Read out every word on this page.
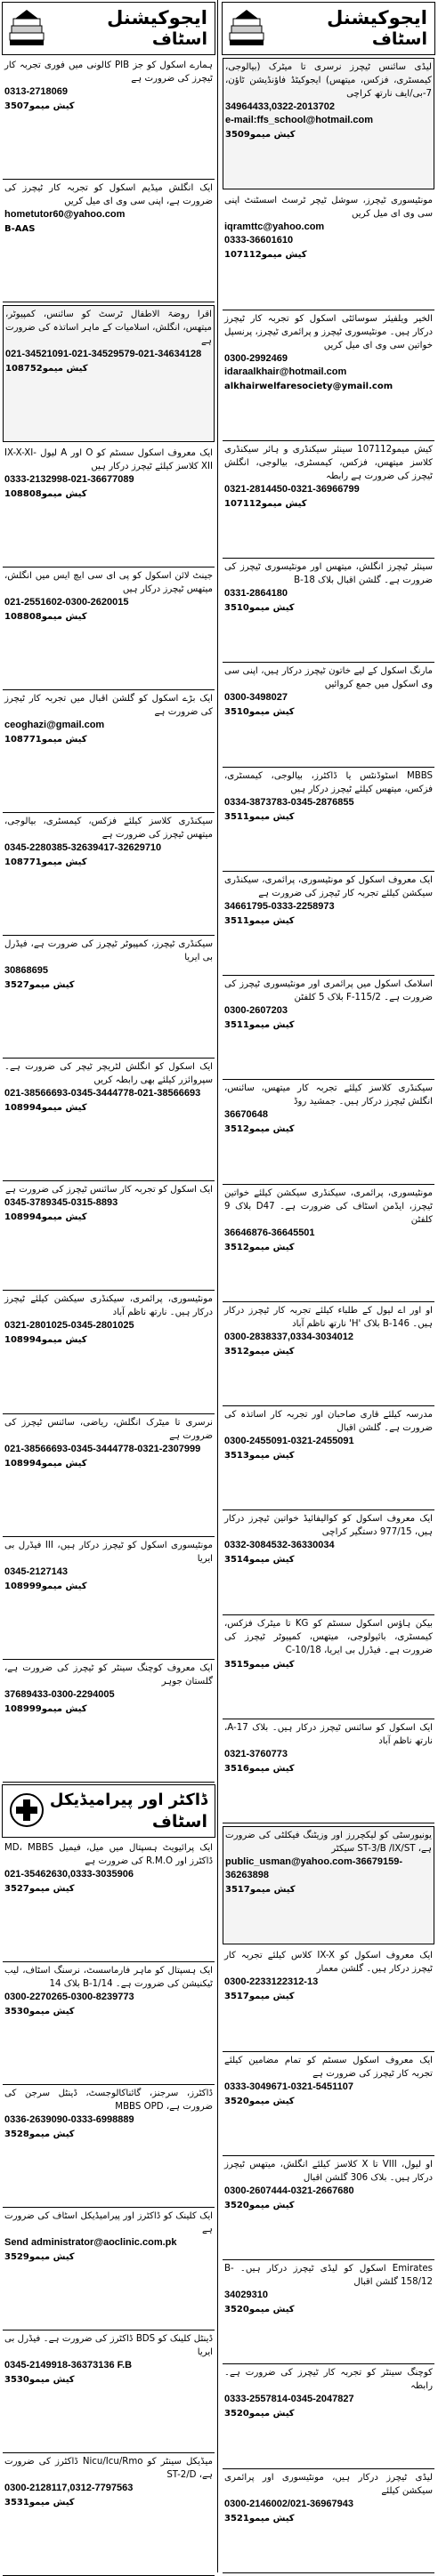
ایجوکیشنل
اسٹاف
لیڈی سائنس ٹیچرز نرسری تا میٹرک (بیالوجی، کیمسٹری، فزکس، میتھس) ایجوکیٹڈ فاؤنڈیشن ٹاؤن، 7-بی/ایف نارتھ کراچی
34964433,0322-2013702
e-mail:ffs_school@hotmail.com
کیش میمو3509
مونٹیسوری ٹیچرز، سوشل ٹیچر ٹرسٹ اسسٹنٹ اپنی سی وی ای میل کریں
iqramttc@yahoo.com
0333-36601610
کیش میمو107112
الخیر ویلفیئر سوسائٹی اسکول کو تجربہ کار ٹیچرز درکار ہیں۔ مونٹیسوری ٹیچرز و پرائمری ٹیچرز، پرنسپل خواتین سی وی ای میل کریں
0300-2992469
idaraalkhair@hotmail.com
alkhairwelfaresociety@ymail.com
کیش میمو107112 سینئر سیکنڈری و ہائر سیکنڈری کلاسز میتھس، فزکس، کیمسٹری، بیالوجی، انگلش ٹیچرز کی ضرورت ہے رابطہ
0321-2814450-0321-36966799
کیش میمو107112
سینئر ٹیچرز انگلش، میتھس اور مونٹیسوری ٹیچرز کی ضرورت ہے۔ گلشن اقبال بلاک 18-B
0331-2864180
کیش میمو3510
مارنگ اسکول کے لیے خاتون ٹیچرز درکار ہیں، اپنی سی وی اسکول میں جمع کروائیں
0300-3498027
کیش میمو3510
MBBS اسٹوڈنٹس یا ڈاکٹرز، بیالوجی، کیمسٹری، فزکس، میتھس کیلئے ٹیچرز درکار ہیں
0334-3873783-0345-2876855
کیش میمو3511
ایک معروف اسکول کو مونٹیسوری، پرائمری، سیکنڈری سیکشن کیلئے تجربہ کار ٹیچرز کی ضرورت ہے
34661795-0333-2258973
کیش میمو3511
اسلامک اسکول میں پرائمری اور مونٹیسوری ٹیچرز کی ضرورت ہے۔ F-115/2 بلاک 5 کلفٹن
0300-2607203
کیش میمو3511
سیکنڈری کلاسز کیلئے تجربہ کار میتھس، سائنس، انگلش ٹیچرز درکار ہیں۔ جمشید روڈ
36670648
کیش میمو3512
مونٹیسوری، پرائمری، سیکنڈری سیکشن کیلئے خواتین ٹیچرز، ایڈمن اسٹاف کی ضرورت ہے۔ D47 بلاک 9 کلفٹن
36646876-36645501
کیش میمو3512
او اور اے لیول کے طلباء کیلئے تجربہ کار ٹیچرز درکار ہیں۔ B-146 بلاک 'H' نارتھ ناظم آباد
0300-2838337,0334-3034012
کیش میمو3512
مدرسہ کیلئے قاری صاحبان اور تجربہ کار اساتذہ کی ضرورت ہے۔ گلشن اقبال
0300-2455091-0321-2455091
کیش میمو3513
ایک معروف اسکول کو کوالیفائیڈ خواتین ٹیچرز درکار ہیں، 977/15 دستگیر کراچی
0332-3084532-36330034
کیش میمو3514
بیکن ہاؤس اسکول سسٹم کو KG تا میٹرک فزکس، کیمسٹری، بائیولوجی، میتھس، کمپیوٹر ٹیچرز کی ضرورت ہے۔ فیڈرل بی ایریا، C-10/18
کیش میمو3515
ایک اسکول کو سائنس ٹیچرز درکار ہیں۔ بلاک A-17، نارتھ ناظم آباد
0321-3760773
کیش میمو3516
یونیورسٹی کو لیکچررز اور وزیٹنگ فیکلٹی کی ضرورت ہے، ST-3/B /IX/ST سیکٹر
public_usman@yahoo.com-36679159-36263898
کیش میمو3517
ایک معروف اسکول کو IX-X کلاس کیلئے تجربہ کار ٹیچرز درکار ہیں۔ گلشن معمار
0300-2233122312-13
کیش میمو3517
ایک معروف اسکول سسٹم کو تمام مضامین کیلئے تجربہ کار ٹیچرز کی ضرورت ہے
0333-3049671-0321-5451107
کیش میمو3520
او لیول، VIII تا X کلاسز کیلئے انگلش، میتھس ٹیچرز درکار ہیں۔ بلاک 306 گلشن اقبال
0300-2607444-0321-2667680
کیش میمو3520
Emirates اسکول کو لیڈی ٹیچرز درکار ہیں۔ B-158/12 گلشن اقبال
34029310
کیش میمو3520
کوچنگ سینٹر کو تجربہ کار ٹیچرز کی ضرورت ہے۔ رابطہ
0333-2557814-0345-2047827
کیش میمو3520
لیڈی ٹیچرز درکار ہیں، مونٹیسوری اور پرائمری سیکشن کیلئے
0300-2146002/021-36967943
کیش میمو3521
ایجوکیشنل
اسٹاف
ہمارے اسکول کو جز PIB کالونی میں فوری تجربہ کار ٹیچرز کی ضرورت ہے
0313-2718069
کیش میمو3507
ایک انگلش میڈیم اسکول کو تجربہ کار ٹیچرز کی ضرورت ہے، اپنی سی وی ای میل کریں
hometutor60@yahoo.com
B-AAS
اقرا روضۃ الاطفال ٹرسٹ کو سائنس، کمپیوٹر، میتھس، انگلش، اسلامیات کے ماہر اساتذہ کی ضرورت ہے
021-34521091-021-34529579-021-34634128
کیش میمو108752
ایک معروف اسکول سسٹم کو O اور A لیول IX-X-XI-XII کلاسز کیلئے ٹیچرز درکار ہیں
0333-2132998-021-36677089
کیش میمو108808
جینٹ لائن اسکول کو پی ای سی ایچ ایس میں انگلش، میتھس ٹیچرز درکار ہیں
021-2551602-0300-2620015
کیش میمو108808
ایک بڑے اسکول کو گلشن اقبال میں تجربہ کار ٹیچرز کی ضرورت ہے
ceoghazi@gmail.com
کیش میمو108771
سیکنڈری کلاسز کیلئے فزکس، کیمسٹری، بیالوجی، میتھس ٹیچرز کی ضرورت ہے
0345-2280385-32639417-32629710
کیش میمو108771
سیکنڈری ٹیچرز، کمپیوٹر ٹیچرز کی ضرورت ہے، فیڈرل بی ایریا
30868695
کیش میمو3527
ایک اسکول کو انگلش لٹریچر ٹیچر کی ضرورت ہے۔ سپروائزر کیلئے بھی رابطہ کریں
021-38566693-0345-3444778-021-38566693
کیش میمو108994
ایک اسکول کو تجربہ کار سائنس ٹیچرز کی ضرورت ہے
0345-3789345-0315-8893
کیش میمو108994
مونٹیسوری، پرائمری، سیکنڈری سیکشن کیلئے ٹیچرز درکار ہیں۔ نارتھ ناظم آباد
0321-2801025-0345-2801025
کیش میمو108994
نرسری تا میٹرک انگلش، ریاضی، سائنس ٹیچرز کی ضرورت ہے
021-38566693-0345-3444778-0321-2307999
کیش میمو108994
مونٹیسوری اسکول کو ٹیچرز درکار ہیں، III فیڈرل بی ایریا
0345-2127143
کیش میمو108999
ایک معروف کوچنگ سینٹر کو ٹیچرز کی ضرورت ہے، گلستان جوہر
37689433-0300-2294005
کیش میمو108999
ڈاکٹر اور پیرامیڈیکل
اسٹاف
ایک پرائیویٹ ہسپتال میں میل، فیمیل MD، MBBS ڈاکٹرز اور R.M.O کی ضرورت ہے
021-35462630,0333-3035906
کیش میمو3527
ایک ہسپتال کو ماہر فارماسسٹ، نرسنگ اسٹاف، لیب ٹیکنیشن کی ضرورت ہے۔ B-1/14 بلاک 14
0300-2270265-0300-8239773
کیش میمو3530
ڈاکٹرز، سرجنز، گائناکالوجسٹ، ڈینٹل سرجن کی ضرورت ہے، MBBS OPD
0336-2639090-0333-6998889
کیش میمو3528
ایک کلینک کو ڈاکٹرز اور پیرامیڈیکل اسٹاف کی ضرورت ہے
Send administrator@aoclinic.com.pk
کیش میمو3529
ڈینٹل کلینک کو BDS ڈاکٹرز کی ضرورت ہے۔ فیڈرل بی ایریا
0345-2149918-36373136 F.B
کیش میمو3530
میڈیکل سینٹر کو Nicu/Icu/Rmo ڈاکٹرز کی ضرورت ہے، ST-2/D
0300-2128117,0312-7797563
کیش میمو3531
